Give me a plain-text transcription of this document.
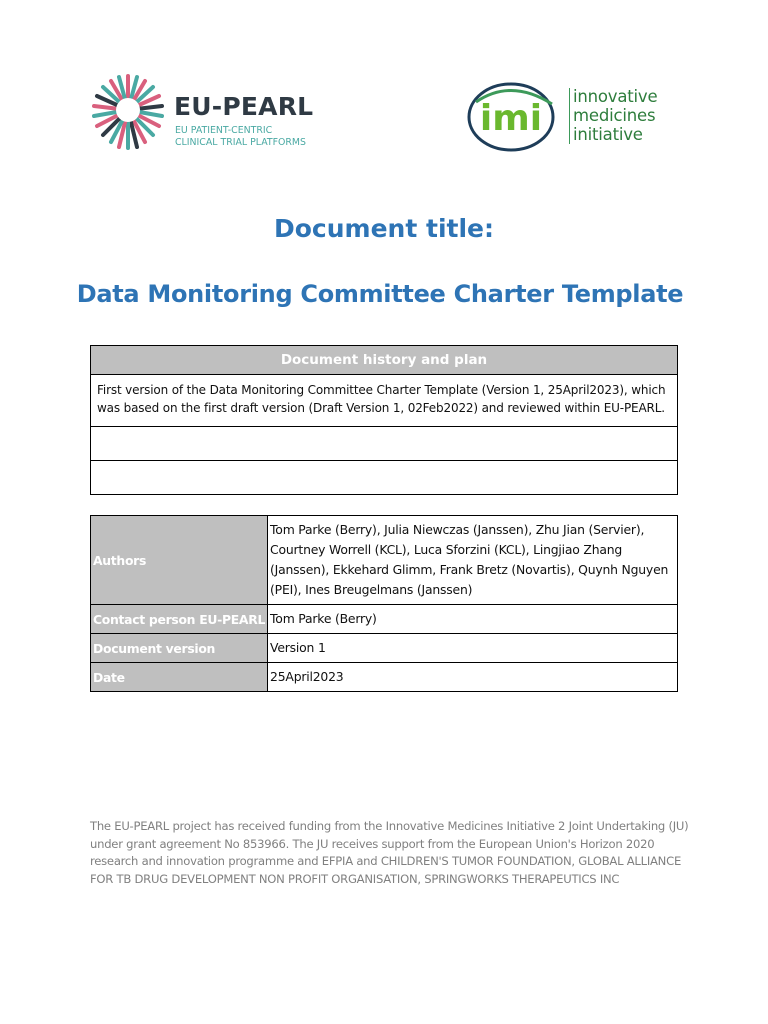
EU-PEARL
EU PATIENT-CENTRIC
CLINICAL TRIAL PLATFORMS
imi
innovative
medicines
initiative
Document title:
Data Monitoring Committee Charter Template
Document history and plan
First version of the Data Monitoring Committee Charter Template (Version 1, 25April2023), which was based on the first draft version (Draft Version 1, 02Feb2022) and reviewed within EU-PEARL.

Authors	Tom Parke (Berry), Julia Niewczas (Janssen), Zhu Jian (Servier), Courtney Worrell (KCL), Luca Sforzini (KCL), Lingjiao Zhang (Janssen), Ekkehard Glimm, Frank Bretz (Novartis), Quynh Nguyen (PEI), Ines Breugelmans (Janssen)
Contact person EU-PEARL	Tom Parke (Berry)
Document version	Version 1
Date	25April2023

The EU-PEARL project has received funding from the Innovative Medicines Initiative 2 Joint Undertaking (JU) under grant agreement No 853966. The JU receives support from the European Union's Horizon 2020 research and innovation programme and EFPIA and CHILDREN'S TUMOR FOUNDATION, GLOBAL ALLIANCE FOR TB DRUG DEVELOPMENT NON PROFIT ORGANISATION, SPRINGWORKS THERAPEUTICS INC
